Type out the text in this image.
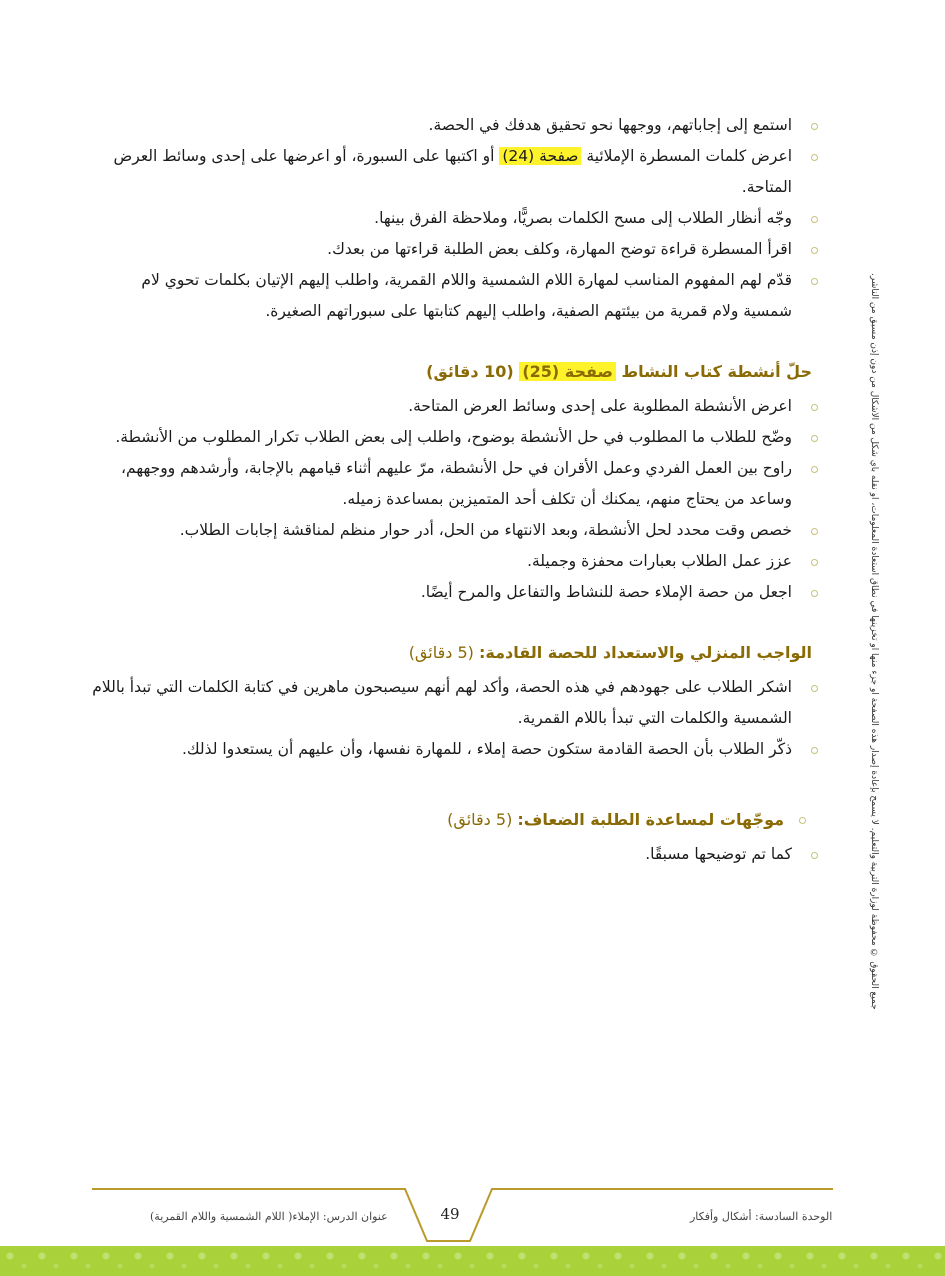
استمع إلى إجاباتهم، ووجهها نحو تحقيق هدفك في الحصة.
اعرض كلمات المسطرة الإملائية صفحة (24) أو اكتبها على السبورة، أو اعرضها على إحدى وسائط العرض المتاحة.
وجّه أنظار الطلاب إلى مسح الكلمات بصريًّا، وملاحظة الفرق بينها.
اقرأ المسطرة قراءة توضح المهارة، وكلف بعض الطلبة قراءتها من بعدك.
قدّم لهم المفهوم المناسب لمهارة اللام الشمسية واللام القمرية، واطلب إليهم الإتيان بكلمات تحوي لام شمسية ولام قمرية من بيئتهم الصفية، واطلب إليهم كتابتها على سبوراتهم الصغيرة.
حلّ أنشطة كتاب النشاط صفحة (25) (10 دقائق)
اعرض الأنشطة المطلوبة على إحدى وسائط العرض المتاحة.
وضّح للطلاب ما المطلوب في حل الأنشطة بوضوح، واطلب إلى بعض الطلاب تكرار المطلوب من الأنشطة.
راوح بين العمل الفردي وعمل الأقران في حل الأنشطة، مرّ عليهم أثناء قيامهم بالإجابة، وأرشدهم ووجههم، وساعد من يحتاج منهم، يمكنك أن تكلف أحد المتميزين بمساعدة زميله.
خصص وقت محدد لحل الأنشطة، وبعد الانتهاء من الحل، أدر حوار منظم لمناقشة إجابات الطلاب.
عزز عمل الطلاب بعبارات محفزة وجميلة.
اجعل من حصة الإملاء حصة للنشاط والتفاعل والمرح أيضًا.
الواجب المنزلي والاستعداد للحصة القادمة: (5 دقائق)
اشكر الطلاب على جهودهم في هذه الحصة، وأكد لهم أنهم سيصبحون ماهرين في كتابة الكلمات التي تبدأ باللام الشمسية والكلمات التي تبدأ باللام القمرية.
ذكّر الطلاب بأن الحصة القادمة ستكون حصة إملاء ، للمهارة نفسها، وأن عليهم أن يستعدوا لذلك.
موجّهات لمساعدة الطلبة الضعاف: (5 دقائق)
كما تم توضيحها مسبقًا.	جميع الحقوق © محفوظة لوزارة التربية والتعليم. لا يسمح بإعادة إصدار هذه الصفحة أو جزء منها أو تخزينها في نطاق استعادة المعلومات، أو نقله بأي شكل من الأشكال من دون إذن مسبق من الناشر.
عنوان الدرس: الإملاء( اللام الشمسية واللام القمرية)	49	الوحدة السادسة: أشكال وأفكار
